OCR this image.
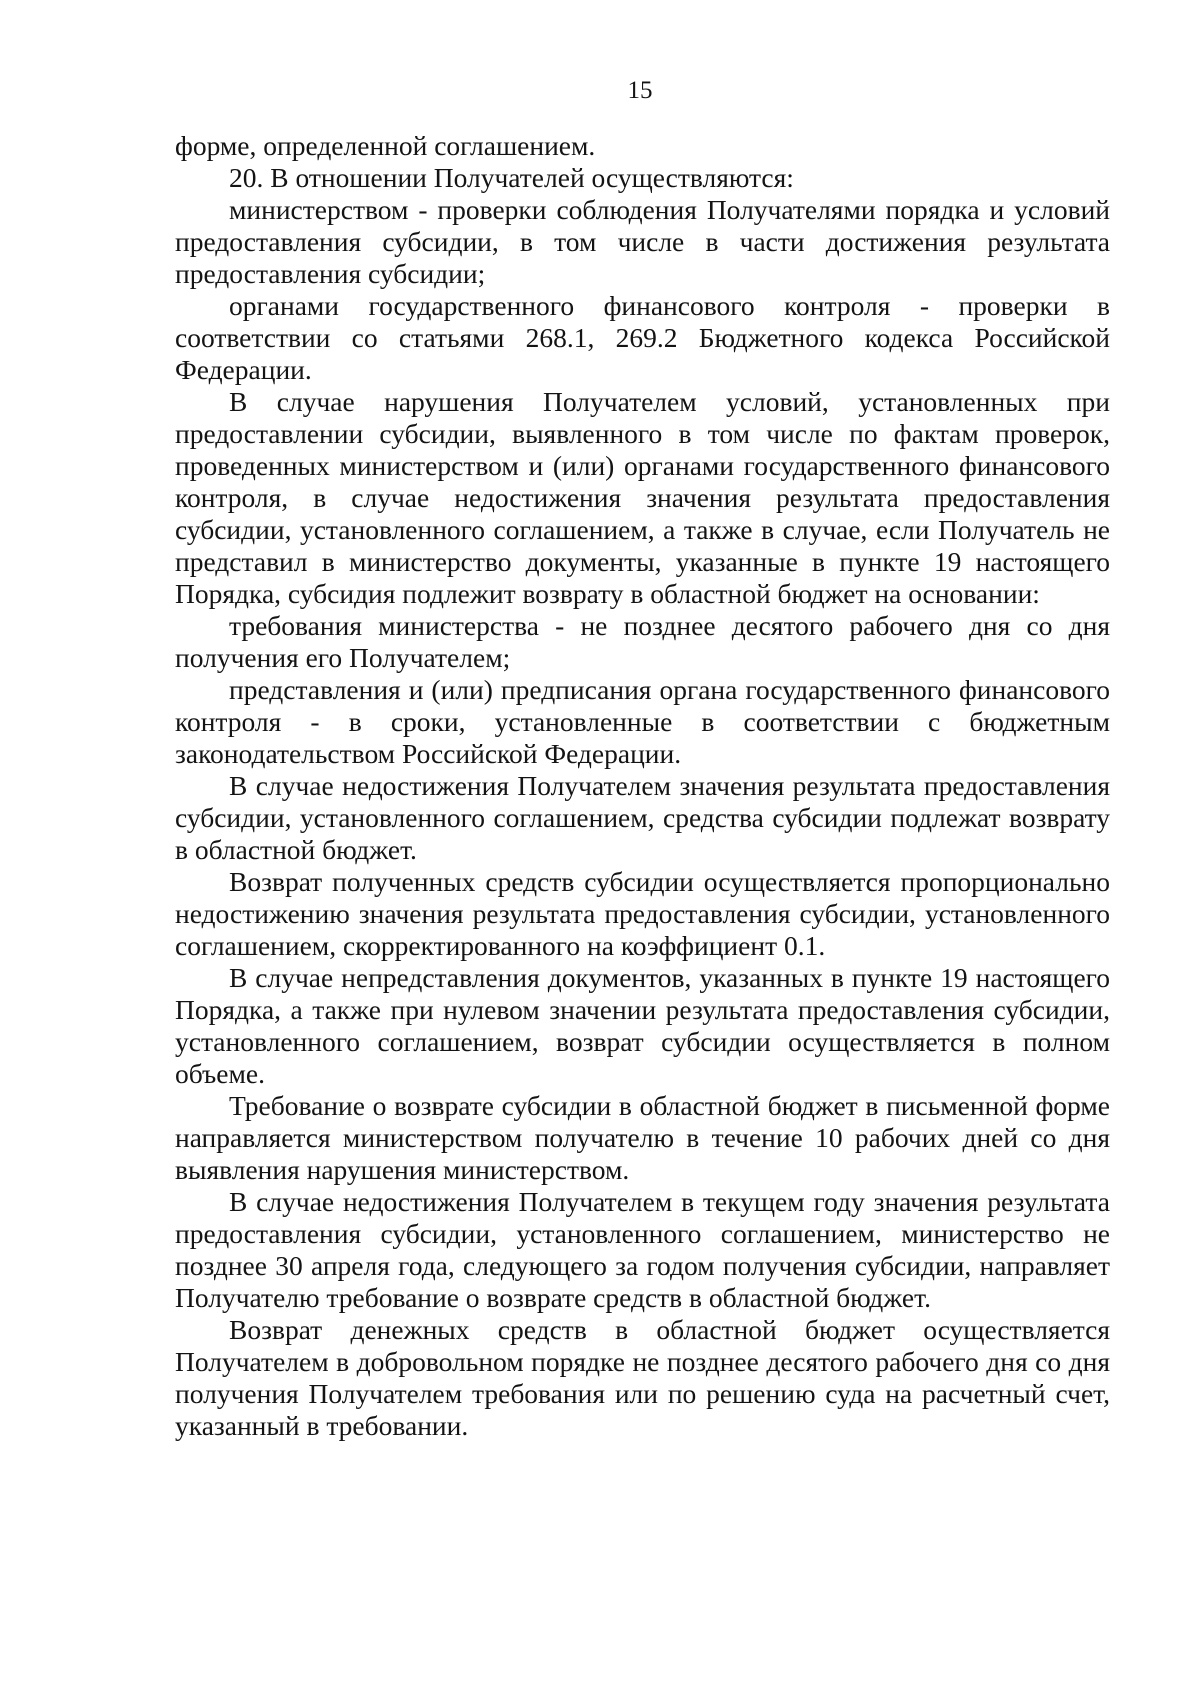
15

форме, определенной соглашением.

20. В отношении Получателей осуществляются:

министерством - проверки соблюдения Получателями порядка и условий предоставления субсидии, в том числе в части достижения результата предоставления субсидии;

органами государственного финансового контроля - проверки в соответствии со статьями 268.1, 269.2 Бюджетного кодекса Российской Федерации.

В случае нарушения Получателем условий, установленных при предоставлении субсидии, выявленного в том числе по фактам проверок, проведенных министерством и (или) органами государственного финансового контроля, в случае недостижения значения результата предоставления субсидии, установленного соглашением, а также в случае, если Получатель не представил в министерство документы, указанные в пункте 19 настоящего Порядка, субсидия подлежит возврату в областной бюджет на основании:

требования министерства - не позднее десятого рабочего дня со дня получения его Получателем;

представления и (или) предписания органа государственного финансового контроля - в сроки, установленные в соответствии с бюджетным законодательством Российской Федерации.

В случае недостижения Получателем значения результата предоставления субсидии, установленного соглашением, средства субсидии подлежат возврату в областной бюджет.

Возврат полученных средств субсидии осуществляется пропорционально недостижению значения результата предоставления субсидии, установленного соглашением, скорректированного на коэффициент 0.1.

В случае непредставления документов, указанных в пункте 19 настоящего Порядка, а также при нулевом значении результата предоставления субсидии, установленного соглашением, возврат субсидии осуществляется в полном объеме.

Требование о возврате субсидии в областной бюджет в письменной форме направляется министерством получателю в течение 10 рабочих дней со дня выявления нарушения министерством.

В случае недостижения Получателем в текущем году значения результата предоставления субсидии, установленного соглашением, министерство не позднее 30 апреля года, следующего за годом получения субсидии, направляет Получателю требование о возврате средств в областной бюджет.

Возврат денежных средств в областной бюджет осуществляется Получателем в добровольном порядке не позднее десятого рабочего дня со дня получения Получателем требования или по решению суда на расчетный счет, указанный в требовании.
